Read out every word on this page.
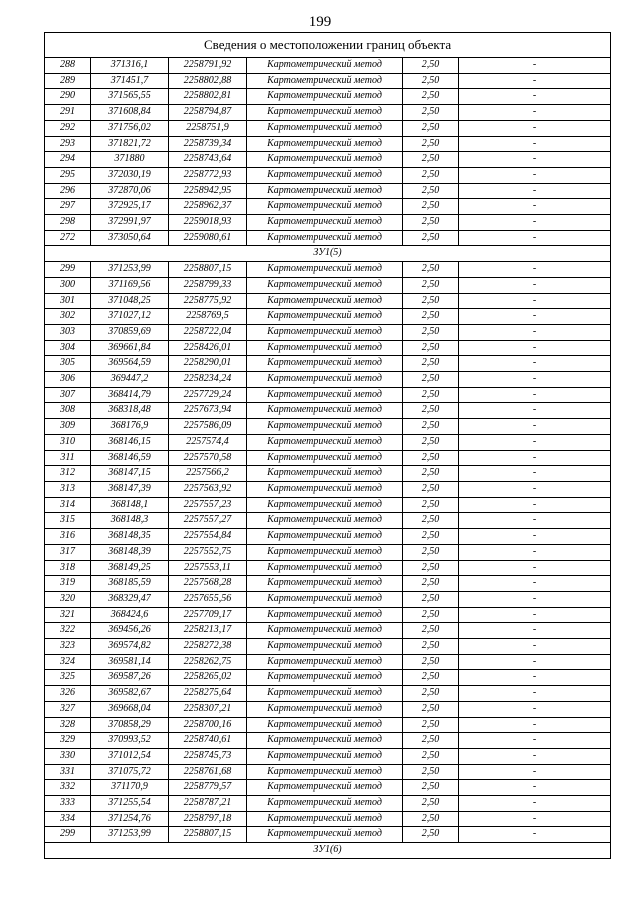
199
Сведения о местоположении границ объекта					
288	371316,1	2258791,92	Картометрический метод	2,50	-
289	371451,7	2258802,88	Картометрический метод	2,50	-
290	371565,55	2258802,81	Картометрический метод	2,50	-
291	371608,84	2258794,87	Картометрический метод	2,50	-
292	371756,02	2258751,9	Картометрический метод	2,50	-
293	371821,72	2258739,34	Картометрический метод	2,50	-
294	371880	2258743,64	Картометрический метод	2,50	-
295	372030,19	2258772,93	Картометрический метод	2,50	-
296	372870,06	2258942,95	Картометрический метод	2,50	-
297	372925,17	2258962,37	Картометрический метод	2,50	-
298	372991,97	2259018,93	Картометрический метод	2,50	-
272	373050,64	2259080,61	Картометрический метод	2,50	-
ЗУ1(5)					
299	371253,99	2258807,15	Картометрический метод	2,50	-
300	371169,56	2258799,33	Картометрический метод	2,50	-
301	371048,25	2258775,92	Картометрический метод	2,50	-
302	371027,12	2258769,5	Картометрический метод	2,50	-
303	370859,69	2258722,04	Картометрический метод	2,50	-
304	369661,84	2258426,01	Картометрический метод	2,50	-
305	369564,59	2258290,01	Картометрический метод	2,50	-
306	369447,2	2258234,24	Картометрический метод	2,50	-
307	368414,79	2257729,24	Картометрический метод	2,50	-
308	368318,48	2257673,94	Картометрический метод	2,50	-
309	368176,9	2257586,09	Картометрический метод	2,50	-
310	368146,15	2257574,4	Картометрический метод	2,50	-
311	368146,59	2257570,58	Картометрический метод	2,50	-
312	368147,15	2257566,2	Картометрический метод	2,50	-
313	368147,39	2257563,92	Картометрический метод	2,50	-
314	368148,1	2257557,23	Картометрический метод	2,50	-
315	368148,3	2257557,27	Картометрический метод	2,50	-
316	368148,35	2257554,84	Картометрический метод	2,50	-
317	368148,39	2257552,75	Картометрический метод	2,50	-
318	368149,25	2257553,11	Картометрический метод	2,50	-
319	368185,59	2257568,28	Картометрический метод	2,50	-
320	368329,47	2257655,56	Картометрический метод	2,50	-
321	368424,6	2257709,17	Картометрический метод	2,50	-
322	369456,26	2258213,17	Картометрический метод	2,50	-
323	369574,82	2258272,38	Картометрический метод	2,50	-
324	369581,14	2258262,75	Картометрический метод	2,50	-
325	369587,26	2258265,02	Картометрический метод	2,50	-
326	369582,67	2258275,64	Картометрический метод	2,50	-
327	369668,04	2258307,21	Картометрический метод	2,50	-
328	370858,29	2258700,16	Картометрический метод	2,50	-
329	370993,52	2258740,61	Картометрический метод	2,50	-
330	371012,54	2258745,73	Картометрический метод	2,50	-
331	371075,72	2258761,68	Картометрический метод	2,50	-
332	371170,9	2258779,57	Картометрический метод	2,50	-
333	371255,54	2258787,21	Картометрический метод	2,50	-
334	371254,76	2258797,18	Картометрический метод	2,50	-
299	371253,99	2258807,15	Картометрический метод	2,50	-
ЗУ1(6)					
